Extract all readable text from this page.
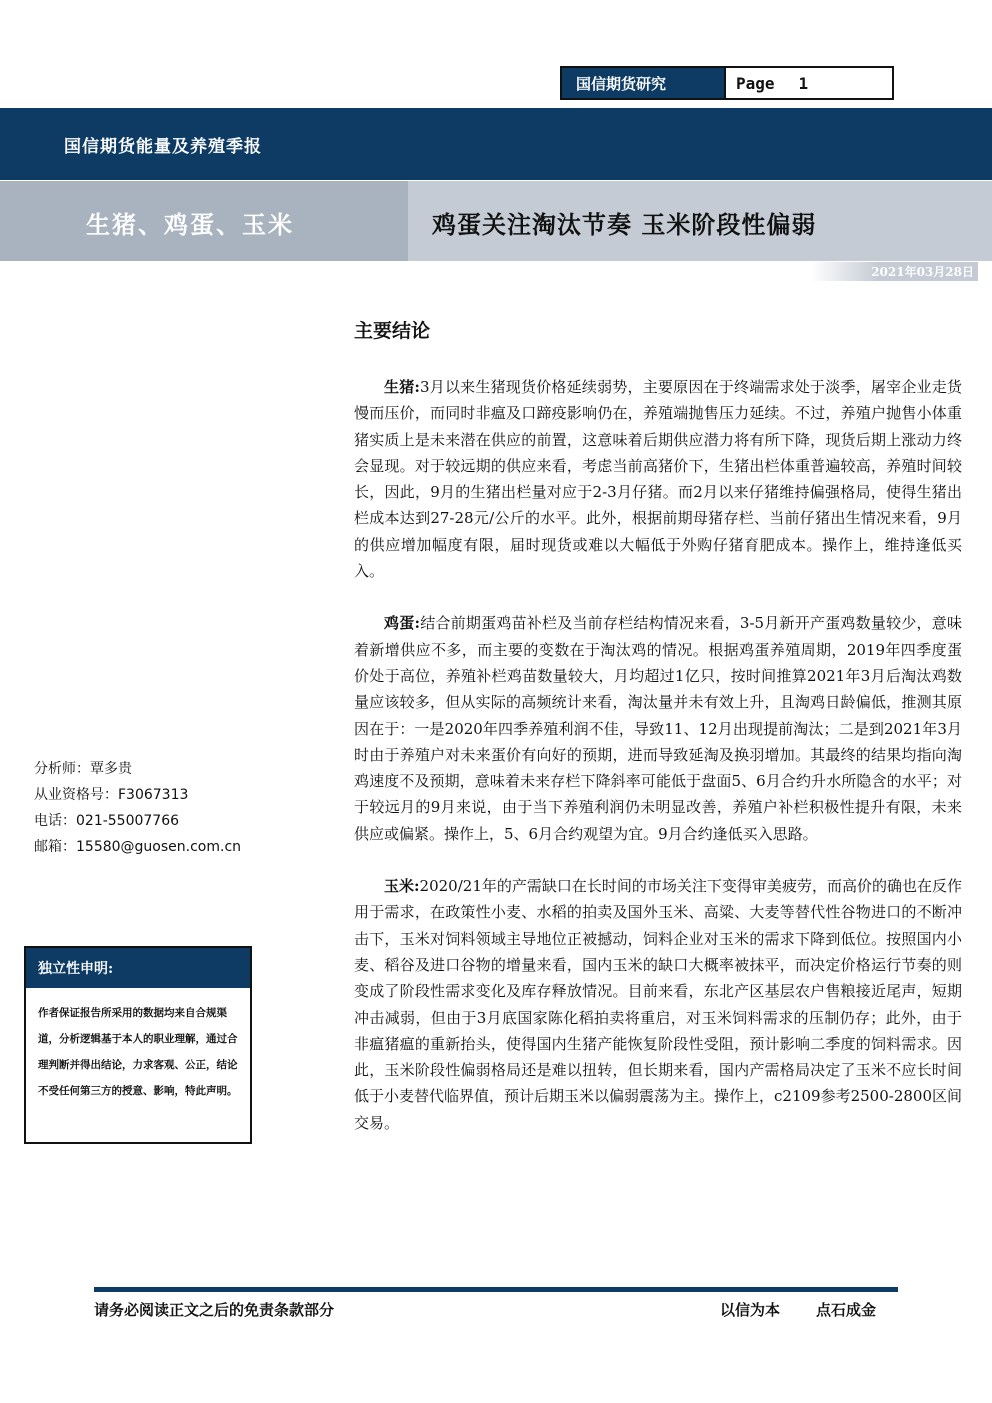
国信期货研究	Page 1
国信期货能量及养殖季报
生猪、鸡蛋、玉米	鸡蛋关注淘汰节奏 玉米阶段性偏弱
2021年03月28日
主要结论

生猪:3月以来生猪现货价格延续弱势，主要原因在于终端需求处于淡季，屠宰企业走货慢而压价，而同时非瘟及口蹄疫影响仍在，养殖端抛售压力延续。不过，养殖户抛售小体重猪实质上是未来潜在供应的前置，这意味着后期供应潜力将有所下降，现货后期上涨动力终会显现。对于较远期的供应来看，考虑当前高猪价下，生猪出栏体重普遍较高，养殖时间较长，因此，9月的生猪出栏量对应于2-3月仔猪。而2月以来仔猪维持偏强格局，使得生猪出栏成本达到27-28元/公斤的水平。此外，根据前期母猪存栏、当前仔猪出生情况来看，9月的供应增加幅度有限，届时现货或难以大幅低于外购仔猪育肥成本。操作上，维持逢低买入。

鸡蛋:结合前期蛋鸡苗补栏及当前存栏结构情况来看，3-5月新开产蛋鸡数量较少，意味着新增供应不多，而主要的变数在于淘汰鸡的情况。根据鸡蛋养殖周期，2019年四季度蛋价处于高位，养殖补栏鸡苗数量较大，月均超过1亿只，按时间推算2021年3月后淘汰鸡数量应该较多，但从实际的高频统计来看，淘汰量并未有效上升，且淘鸡日龄偏低，推测其原因在于：一是2020年四季养殖利润不佳，导致11、12月出现提前淘汰；二是到2021年3月时由于养殖户对未来蛋价有向好的预期，进而导致延淘及换羽增加。其最终的结果均指向淘鸡速度不及预期，意味着未来存栏下降斜率可能低于盘面5、6月合约升水所隐含的水平；对于较远月的9月来说，由于当下养殖利润仍未明显改善，养殖户补栏积极性提升有限，未来供应或偏紧。操作上，5、6月合约观望为宜。9月合约逢低买入思路。

玉米:2020/21年的产需缺口在长时间的市场关注下变得审美疲劳，而高价的确也在反作用于需求，在政策性小麦、水稻的拍卖及国外玉米、高粱、大麦等替代性谷物进口的不断冲击下，玉米对饲料领域主导地位正被撼动，饲料企业对玉米的需求下降到低位。按照国内小麦、稻谷及进口谷物的增量来看，国内玉米的缺口大概率被抹平，而决定价格运行节奏的则变成了阶段性需求变化及库存释放情况。目前来看，东北产区基层农户售粮接近尾声，短期冲击减弱，但由于3月底国家陈化稻拍卖将重启，对玉米饲料需求的压制仍存；此外，由于非瘟猪瘟的重新抬头，使得国内生猪产能恢复阶段性受阻，预计影响二季度的饲料需求。因此，玉米阶段性偏弱格局还是难以扭转，但长期来看，国内产需格局决定了玉米不应长时间低于小麦替代临界值，预计后期玉米以偏弱震荡为主。操作上，c2109参考2500-2800区间交易。

分析师：覃多贵
从业资格号：F3067313
电话：021-55007766
邮箱：15580@guosen.com.cn
独立性申明:
作者保证报告所采用的数据均来自合规渠道，分析逻辑基于本人的职业理解，通过合理判断并得出结论，力求客观、公正，结论不受任何第三方的授意、影响，特此声明。
请务必阅读正文之后的免责条款部分	以信为本 点石成金
